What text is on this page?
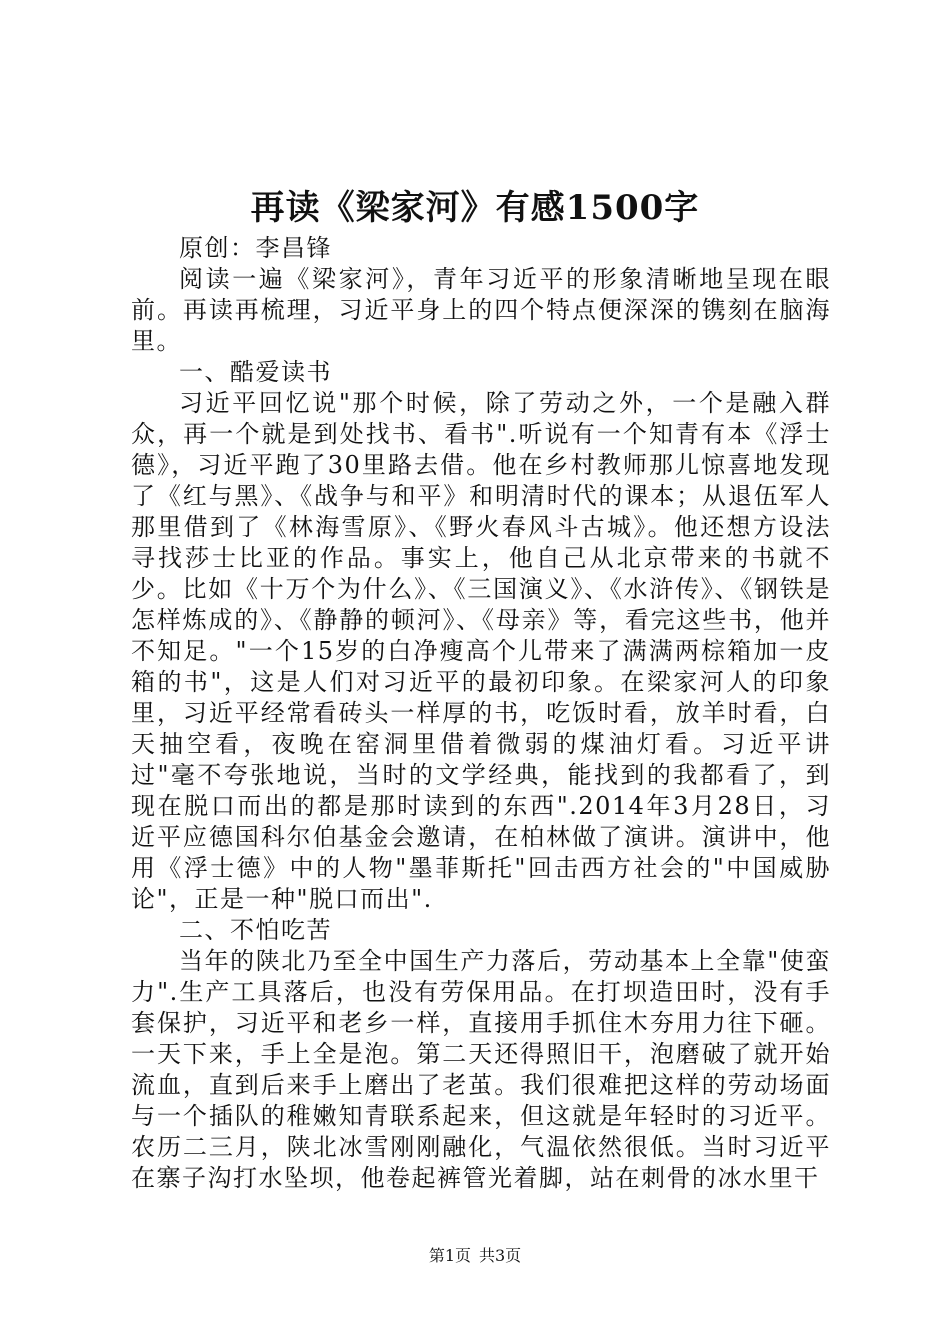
再读《梁家河》有感1500字

原创：李昌锋

阅读一遍《梁家河》，青年习近平的形象清晰地呈现在眼前。再读再梳理，习近平身上的四个特点便深深的镌刻在脑海里。

一、酷爱读书

习近平回忆说"那个时候，除了劳动之外，一个是融入群众，再一个就是到处找书、看书".听说有一个知青有本《浮士德》，习近平跑了30里路去借。他在乡村教师那儿惊喜地发现了《红与黑》、《战争与和平》和明清时代的课本；从退伍军人那里借到了《林海雪原》、《野火春风斗古城》。他还想方设法寻找莎士比亚的作品。事实上，他自己从北京带来的书就不少。比如《十万个为什么》、《三国演义》、《水浒传》、《钢铁是怎样炼成的》、《静静的顿河》、《母亲》等，看完这些书，他并不知足。"一个15岁的白净瘦高个儿带来了满满两棕箱加一皮箱的书"，这是人们对习近平的最初印象。在梁家河人的印象里，习近平经常看砖头一样厚的书，吃饭时看，放羊时看，白天抽空看，夜晚在窑洞里借着微弱的煤油灯看。习近平讲过"毫不夸张地说，当时的文学经典，能找到的我都看了，到现在脱口而出的都是那时读到的东西".2014年3月28日，习近平应德国科尔伯基金会邀请，在柏林做了演讲。演讲中，他用《浮士德》中的人物"墨菲斯托"回击西方社会的"中国威胁论"，正是一种"脱口而出".

二、不怕吃苦

当年的陕北乃至全中国生产力落后，劳动基本上全靠"使蛮力".生产工具落后，也没有劳保用品。在打坝造田时，没有手套保护，习近平和老乡一样，直接用手抓住木夯用力往下砸。一天下来，手上全是泡。第二天还得照旧干，泡磨破了就开始流血，直到后来手上磨出了老茧。我们很难把这样的劳动场面与一个插队的稚嫩知青联系起来，但这就是年轻时的习近平。农历二三月，陕北冰雪刚刚融化，气温依然很低。当时习近平在寨子沟打水坠坝，他卷起裤管光着脚，站在刺骨的冰水里干

第1页 共3页
